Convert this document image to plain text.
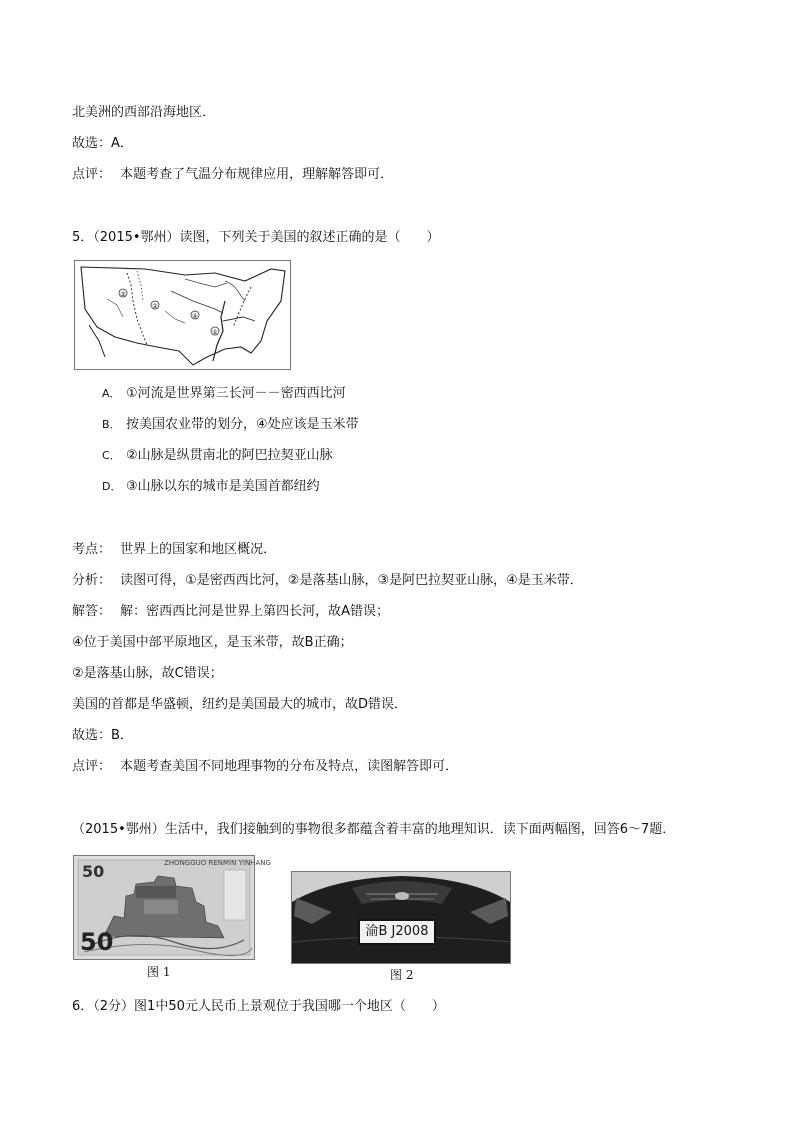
北美洲的西部沿海地区．
故选：A．
点评： 本题考查了气温分布规律应用，理解解答即可．
5．（2015•鄂州）读图，下列关于美国的叙述正确的是（　　）
③
②
④
①
A． ①河流是世界第三长河－－密西西比河
B． 按美国农业带的划分，④处应该是玉米带
C． ②山脉是纵贯南北的阿巴拉契亚山脉
D． ③山脉以东的城市是美国首都纽约
考点： 世界上的国家和地区概况．
分析： 读图可得，①是密西西比河，②是落基山脉，③是阿巴拉契亚山脉，④是玉米带．
解答： 解：密西西比河是世界上第四长河，故A错误；
④位于美国中部平原地区，是玉米带，故B正确；
②是落基山脉，故C错误；
美国的首都是华盛顿，纽约是美国最大的城市，故D错误．
故选：B．
点评： 本题考查美国不同地理事物的分布及特点，读图解答即可．
（2015•鄂州）生活中，我们接触到的事物很多都蕴含着丰富的地理知识．读下面两幅图，回答6～7题．
50
50
ZHONGGUO RENMIN YINHANG
图 1
渝B J2008
图 2
6．（2分）图1中50元人民币上景观位于我国哪一个地区（　　）
